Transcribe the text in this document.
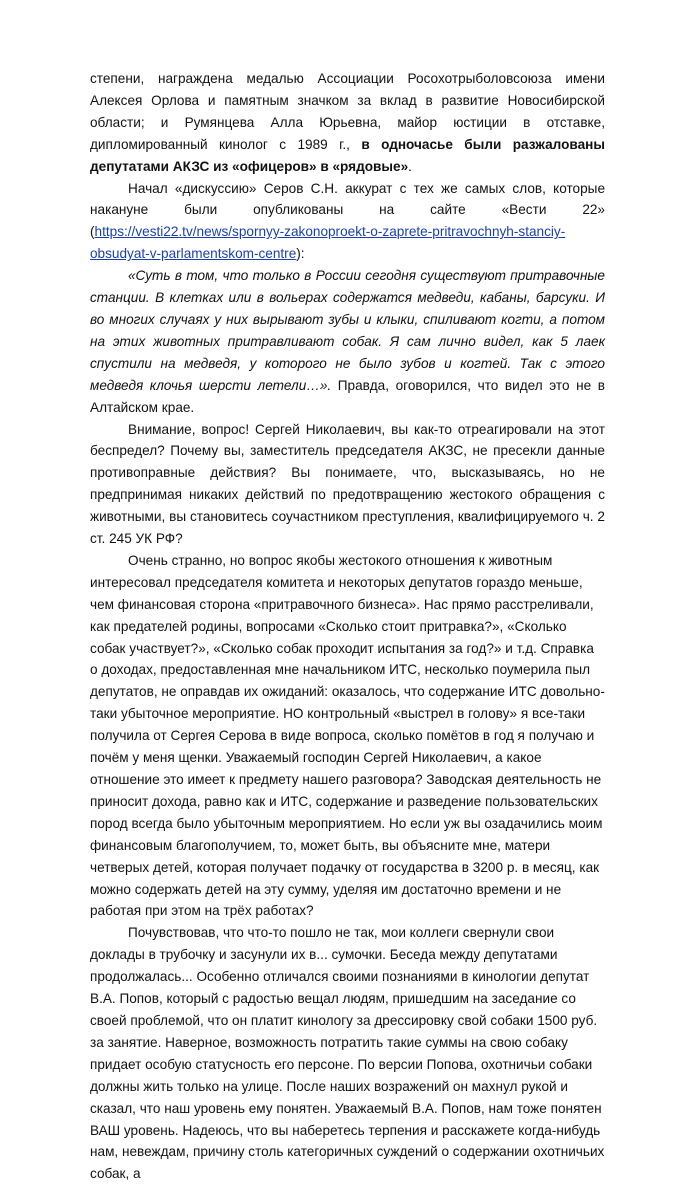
степени, награждена медалью Ассоциации Росохотрыболовсоюза имени Алексея Орлова и памятным значком за вклад в развитие Новосибирской области; и Румянцева Алла Юрьевна, майор юстиции в отставке, дипломированный кинолог с 1989 г., в одночасье были разжалованы депутатами АКЗС из «офицеров» в «рядовые».

Начал «дискуссию» Серов С.Н. аккурат с тех же самых слов, которые накануне были опубликованы на сайте «Вести 22» (https://vesti22.tv/news/spornyy-zakonoproekt-o-zaprete-pritravochnyh-stanciy-obsudyat-v-parlamentskom-centre):

«Суть в том, что только в России сегодня существуют притравочные станции. В клетках или в вольерах содержатся медведи, кабаны, барсуки. И во многих случаях у них вырывают зубы и клыки, спиливают когти, а потом на этих животных притравливают собак. Я сам лично видел, как 5 лаек спустили на медведя, у которого не было зубов и когтей. Так с этого медведя клочья шерсти летели…». Правда, оговорился, что видел это не в Алтайском крае.

Внимание, вопрос! Сергей Николаевич, вы как-то отреагировали на этот беспредел? Почему вы, заместитель председателя АКЗС, не пресекли данные противоправные действия? Вы понимаете, что, высказываясь, но не предпринимая никаких действий по предотвращению жестокого обращения с животными, вы становитесь соучастником преступления, квалифицируемого ч. 2 ст. 245 УК РФ?

Очень странно, но вопрос якобы жестокого отношения к животным интересовал председателя комитета и некоторых депутатов гораздо меньше, чем финансовая сторона «притравочного бизнеса». Нас прямо расстреливали, как предателей родины, вопросами «Сколько стоит притравка?», «Сколько собак участвует?», «Сколько собак проходит испытания за год?» и т.д. Справка о доходах, предоставленная мне начальником ИТС, несколько поумерила пыл депутатов, не оправдав их ожиданий: оказалось, что содержание ИТС довольно-таки убыточное мероприятие. НО контрольный «выстрел в голову» я все-таки получила от Сергея Серова в виде вопроса, сколько помётов в год я получаю и почём у меня щенки. Уважаемый господин Сергей Николаевич, а какое отношение это имеет к предмету нашего разговора? Заводская деятельность не приносит дохода, равно как и ИТС, содержание и разведение пользовательских пород всегда было убыточным мероприятием. Но если уж вы озадачились моим финансовым благополучием, то, может быть, вы объясните мне, матери четверых детей, которая получает подачку от государства в 3200 р. в месяц, как можно содержать детей на эту сумму, уделяя им достаточно времени и не работая при этом на трёх работах?

Почувствовав, что что-то пошло не так, мои коллеги свернули свои доклады в трубочку и засунули их в... сумочки. Беседа между депутатами продолжалась... Особенно отличался своими познаниями в кинологии депутат В.А. Попов, который с радостью вещал людям, пришедшим на заседание со своей проблемой, что он платит кинологу за дрессировку свой собаки 1500 руб. за занятие. Наверное, возможность потратить такие суммы на свою собаку придает особую статусность его персоне. По версии Попова, охотничьи собаки должны жить только на улице. После наших возражений он махнул рукой и сказал, что наш уровень ему понятен. Уважаемый В.А. Попов, нам тоже понятен ВАШ уровень. Надеюсь, что вы наберетесь терпения и расскажете когда-нибудь нам, невеждам, причину столь категоричных суждений о содержании охотничьих собак, а
